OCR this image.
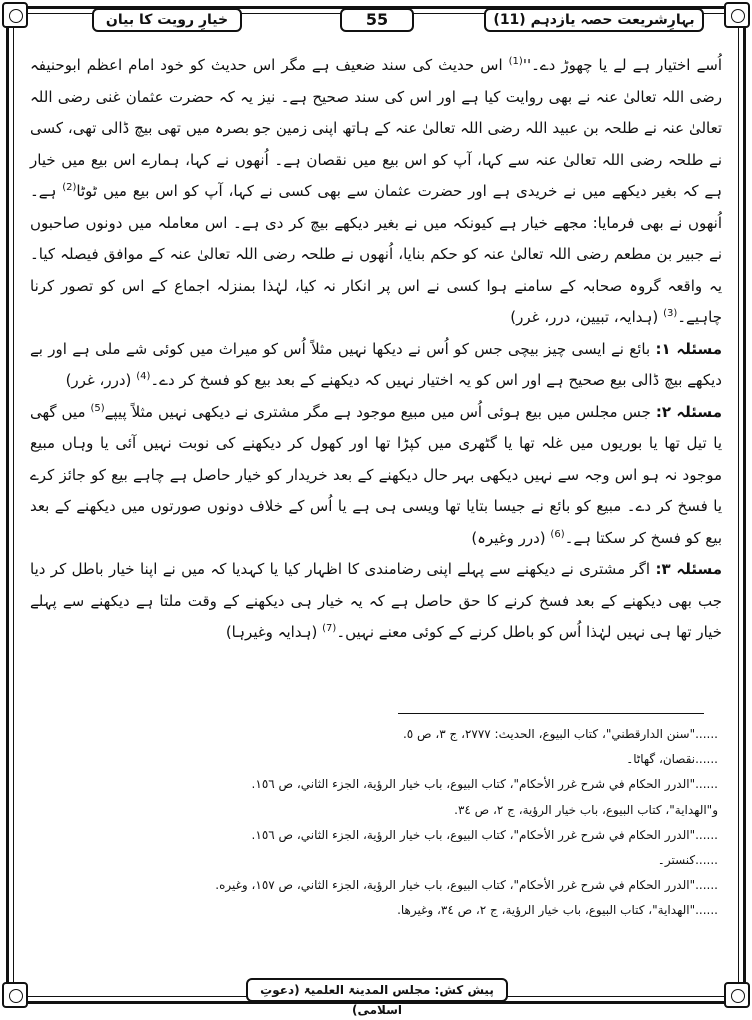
بہارِشریعت حصہ یازدہم (11)
55
خیارِ رویت کا بیان

اُسے اختیار ہے لے یا چھوڑ دے۔''$^{(1)}$ اس حدیث کی سند ضعیف ہے مگر اس حدیث کو خود امام اعظم ابوحنیفہ رضی اللہ تعالیٰ عنہ نے بھی روایت کیا ہے اور اس کی سند صحیح ہے۔ نیز یہ کہ حضرت عثمان غنی رضی اللہ تعالیٰ عنہ نے طلحہ بن عبید اللہ رضی اللہ تعالیٰ عنہ کے ہاتھ اپنی زمین جو بصرہ میں تھی بیچ ڈالی تھی، کسی نے طلحہ رضی اللہ تعالیٰ عنہ سے کہا، آپ کو اس بیع میں نقصان ہے۔ اُنھوں نے کہا، ہمارے اس بیع میں خیار ہے کہ بغیر دیکھے میں نے خریدی ہے اور حضرت عثمان سے بھی کسی نے کہا، آپ کو اس بیع میں ٹوٹا$^{(2)}$ ہے۔ اُنھوں نے بھی فرمایا: مجھے خیار ہے کیونکہ میں نے بغیر دیکھے بیچ کر دی ہے۔ اس معاملہ میں دونوں صاحبوں نے جبیر بن مطعم رضی اللہ تعالیٰ عنہ کو حکم بنایا، اُنھوں نے طلحہ رضی اللہ تعالیٰ عنہ کے موافق فیصلہ کیا۔ یہ واقعہ گروہ صحابہ کے سامنے ہوا کسی نے اس پر انکار نہ کیا، لہٰذا بمنزلہ اجماع کے اس کو تصور کرنا چاہیے۔$^{(3)}$ (ہدایہ، تبیین، درر، غرر)

مسئلہ ۱: بائع نے ایسی چیز بیچی جس کو اُس نے دیکھا نہیں مثلاً اُس کو میراث میں کوئی شے ملی ہے اور بے دیکھے بیچ ڈالی بیع صحیح ہے اور اس کو یہ اختیار نہیں کہ دیکھنے کے بعد بیع کو فسخ کر دے۔$^{(4)}$ (درر، غرر)

مسئلہ ۲: جس مجلس میں بیع ہوئی اُس میں مبیع موجود ہے مگر مشتری نے دیکھی نہیں مثلاً پیپے$^{(5)}$ میں گھی یا تیل تھا یا بوریوں میں غلہ تھا یا گٹھری میں کپڑا تھا اور کھول کر دیکھنے کی نوبت نہیں آئی یا وہاں مبیع موجود نہ ہو اس وجہ سے نہیں دیکھی بہر حال دیکھنے کے بعد خریدار کو خیار حاصل ہے چاہے بیع کو جائز کرے یا فسخ کر دے۔ مبیع کو بائع نے جیسا بتایا تھا ویسی ہی ہے یا اُس کے خلاف دونوں صورتوں میں دیکھنے کے بعد بیع کو فسخ کر سکتا ہے۔$^{(6)}$ (درر وغیرہ)

مسئلہ ۳: اگر مشتری نے دیکھنے سے پہلے اپنی رضامندی کا اظہار کیا یا کہدیا کہ میں نے اپنا خیار باطل کر دیا جب بھی دیکھنے کے بعد فسخ کرنے کا حق حاصل ہے کہ یہ خیار ہی دیکھنے کے وقت ملتا ہے دیکھنے سے پہلے خیار تھا ہی نہیں لہٰذا اُس کو باطل کرنے کے کوئی معنے نہیں۔$^{(7)}$ (ہدایہ وغیرہا)

......"سنن الدارقطني"، كتاب البيوع، الحديث: ۲۷۷۷، ج ۳، ص ٥.
......نقصان، گھاٹا۔
......"الدرر الحكام في شرح غرر الأحكام"، كتاب البيوع، باب خيار الرؤية، الجزء الثاني، ص ١٥٦.
و"الهداية"، كتاب البيوع، باب خيار الرؤية، ج ٢، ص ٣٤.
......"الدرر الحكام في شرح غرر الأحكام"، كتاب البيوع، باب خيار الرؤية، الجزء الثاني، ص ١٥٦.
......کنستر۔
......"الدرر الحكام في شرح غرر الأحكام"، كتاب البيوع، باب خيار الرؤية، الجزء الثاني، ص ١٥٧، وغيره.
......"الهداية"، كتاب البيوع، باب خيار الرؤية، ج ٢، ص ٣٤، وغيرها.
پیش کش: مجلس المدینۃ العلمیۃ (دعوتِ اسلامی)
